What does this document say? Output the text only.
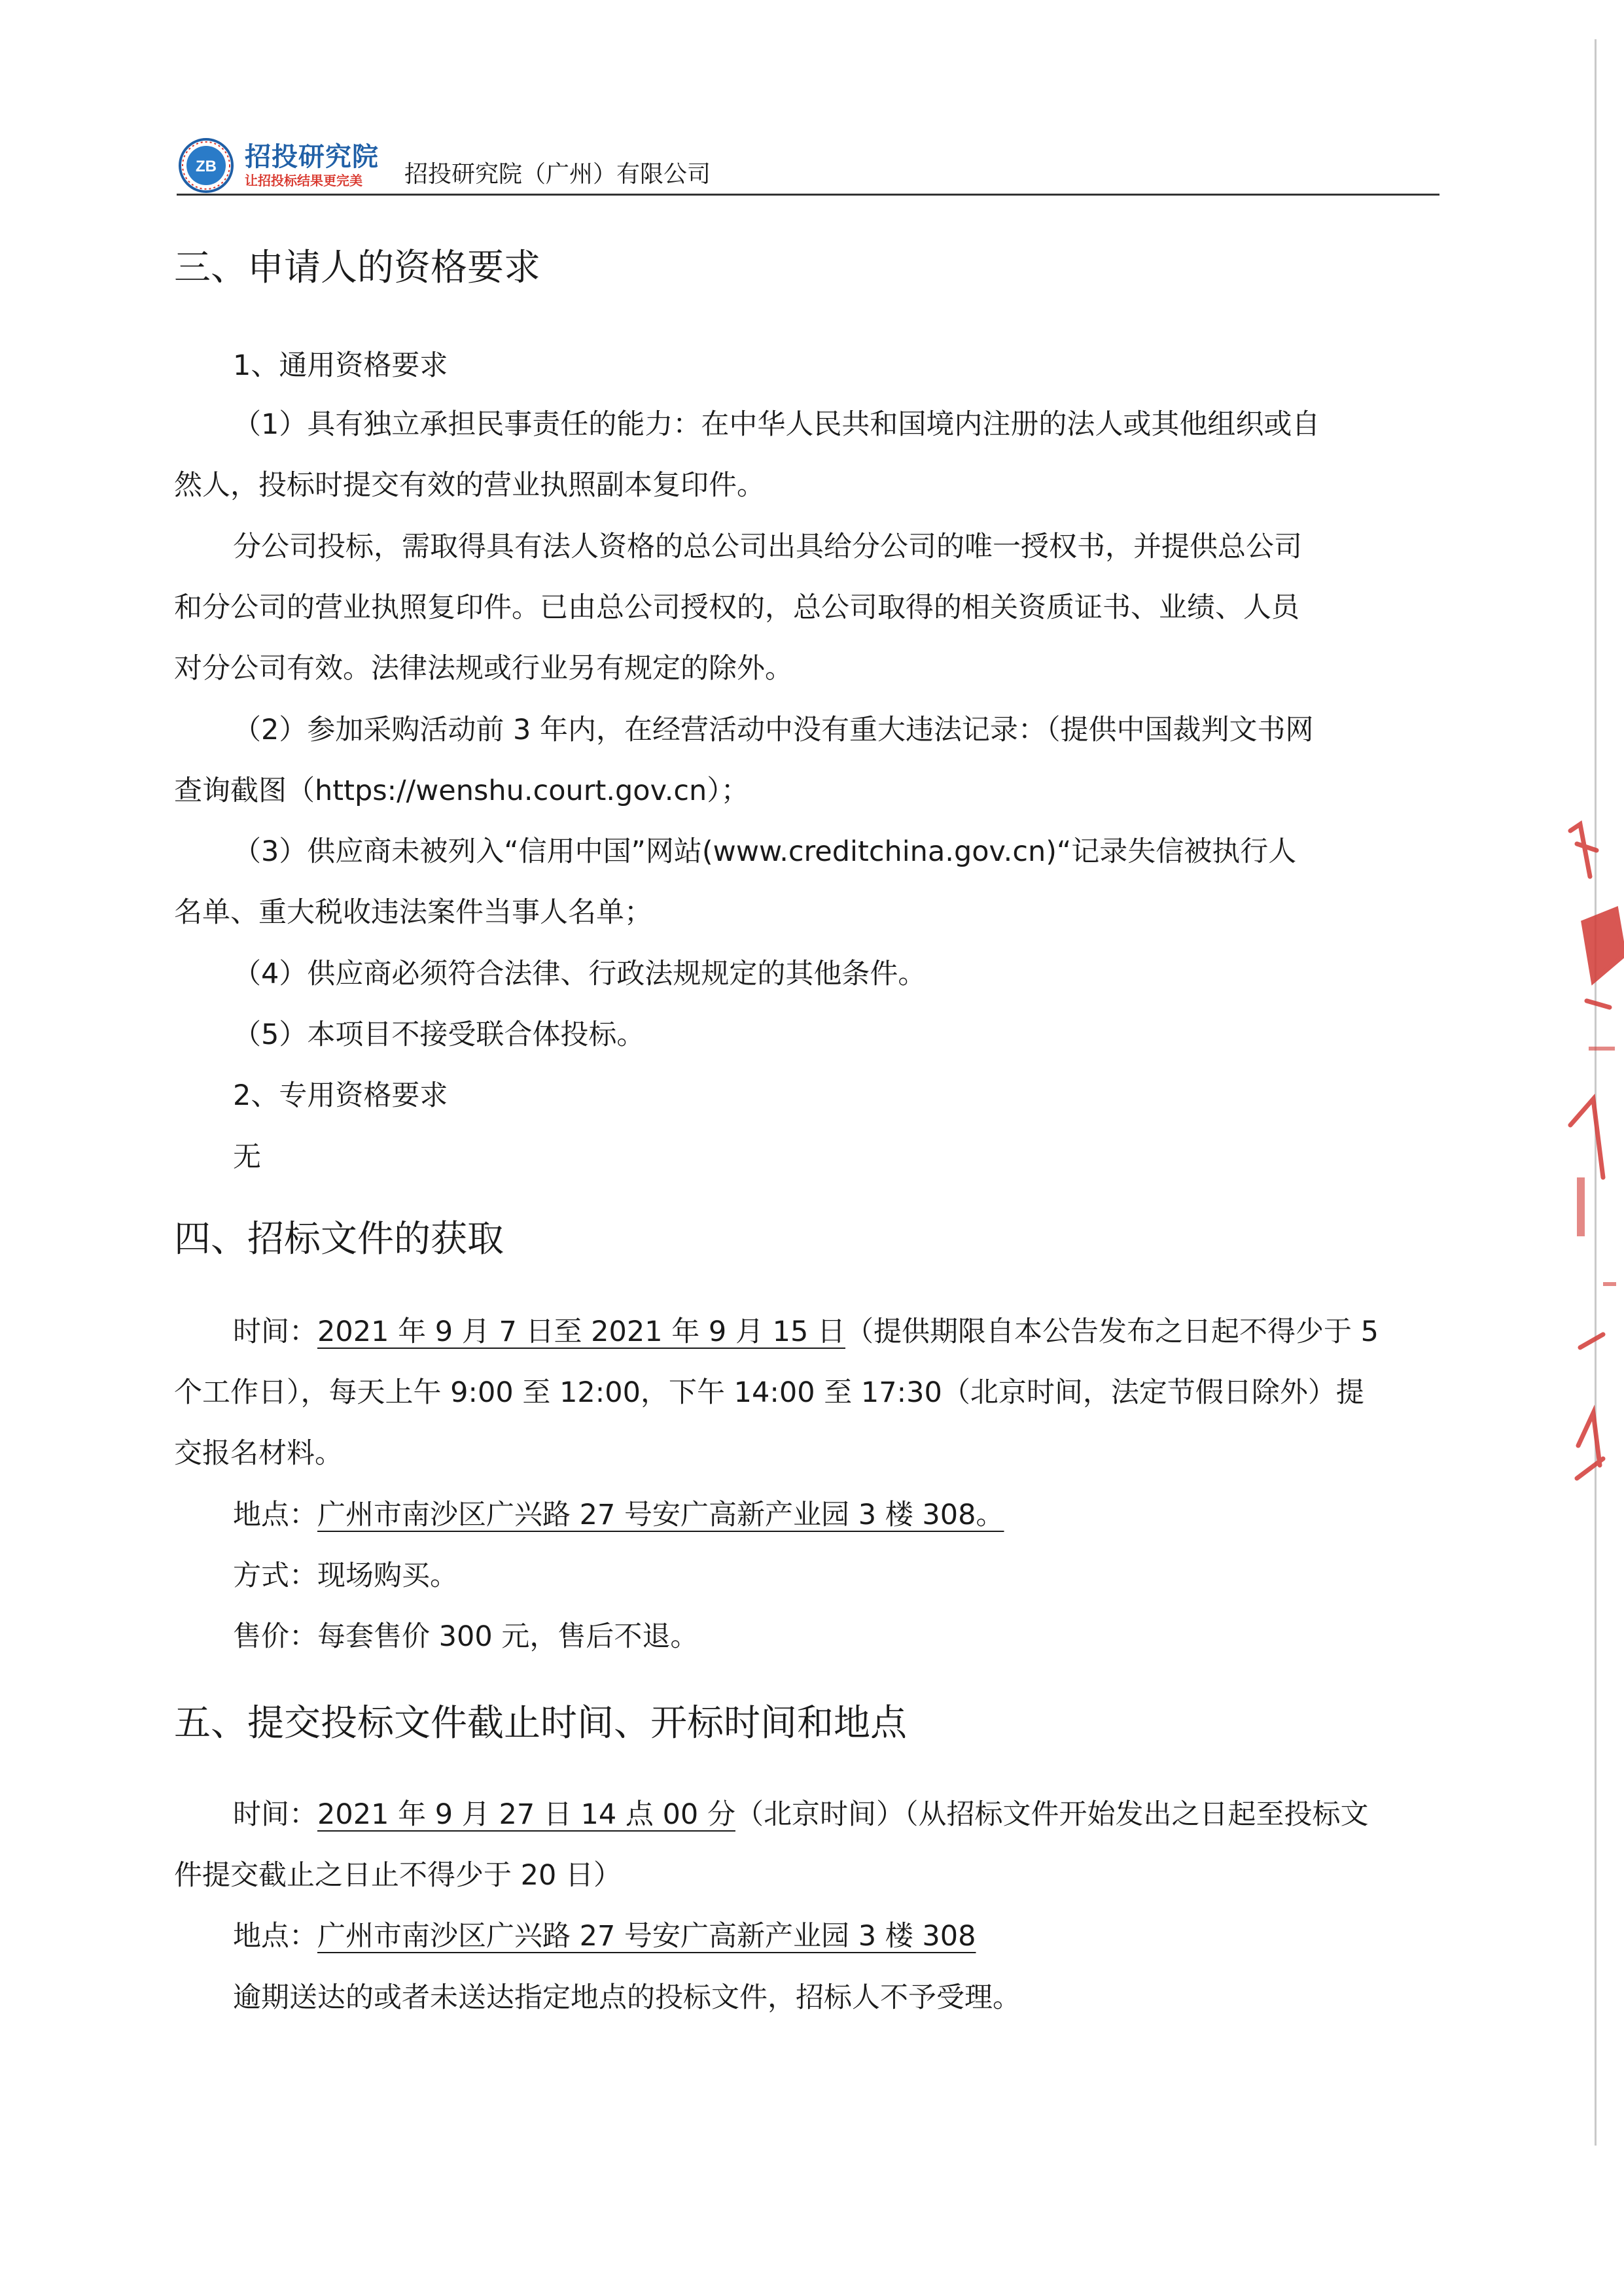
ZB 招投研究院
让招投标结果更完美 招投研究院（广州）有限公司
三、申请人的资格要求
1、通用资格要求
（1）具有独立承担民事责任的能力：在中华人民共和国境内注册的法人或其他组织或自
然人，投标时提交有效的营业执照副本复印件。
分公司投标，需取得具有法人资格的总公司出具给分公司的唯一授权书，并提供总公司
和分公司的营业执照复印件。已由总公司授权的，总公司取得的相关资质证书、业绩、人员
对分公司有效。法律法规或行业另有规定的除外。
（2）参加采购活动前 3 年内，在经营活动中没有重大违法记录：（提供中国裁判文书网
查询截图（https://wenshu.court.gov.cn）；
（3）供应商未被列入“信用中国”网站(www.creditchina.gov.cn)“记录失信被执行人
名单、重大税收违法案件当事人名单；
（4）供应商必须符合法律、行政法规规定的其他条件。
（5）本项目不接受联合体投标。
2、专用资格要求
无
四、招标文件的获取
时间：2021 年 9 月 7 日至 2021 年 9 月 15 日（提供期限自本公告发布之日起不得少于 5
个工作日），每天上午 9:00 至 12:00，下午 14:00 至 17:30（北京时间，法定节假日除外）提
交报名材料。
地点：广州市南沙区广兴路 27 号安广高新产业园 3 楼 308。
方式：现场购买。
售价：每套售价 300 元，售后不退。
五、提交投标文件截止时间、开标时间和地点
时间：2021 年 9 月 27 日 14 点 00 分（北京时间）（从招标文件开始发出之日起至投标文
件提交截止之日止不得少于 20 日）
地点：广州市南沙区广兴路 27 号安广高新产业园 3 楼 308
逾期送达的或者未送达指定地点的投标文件，招标人不予受理。
